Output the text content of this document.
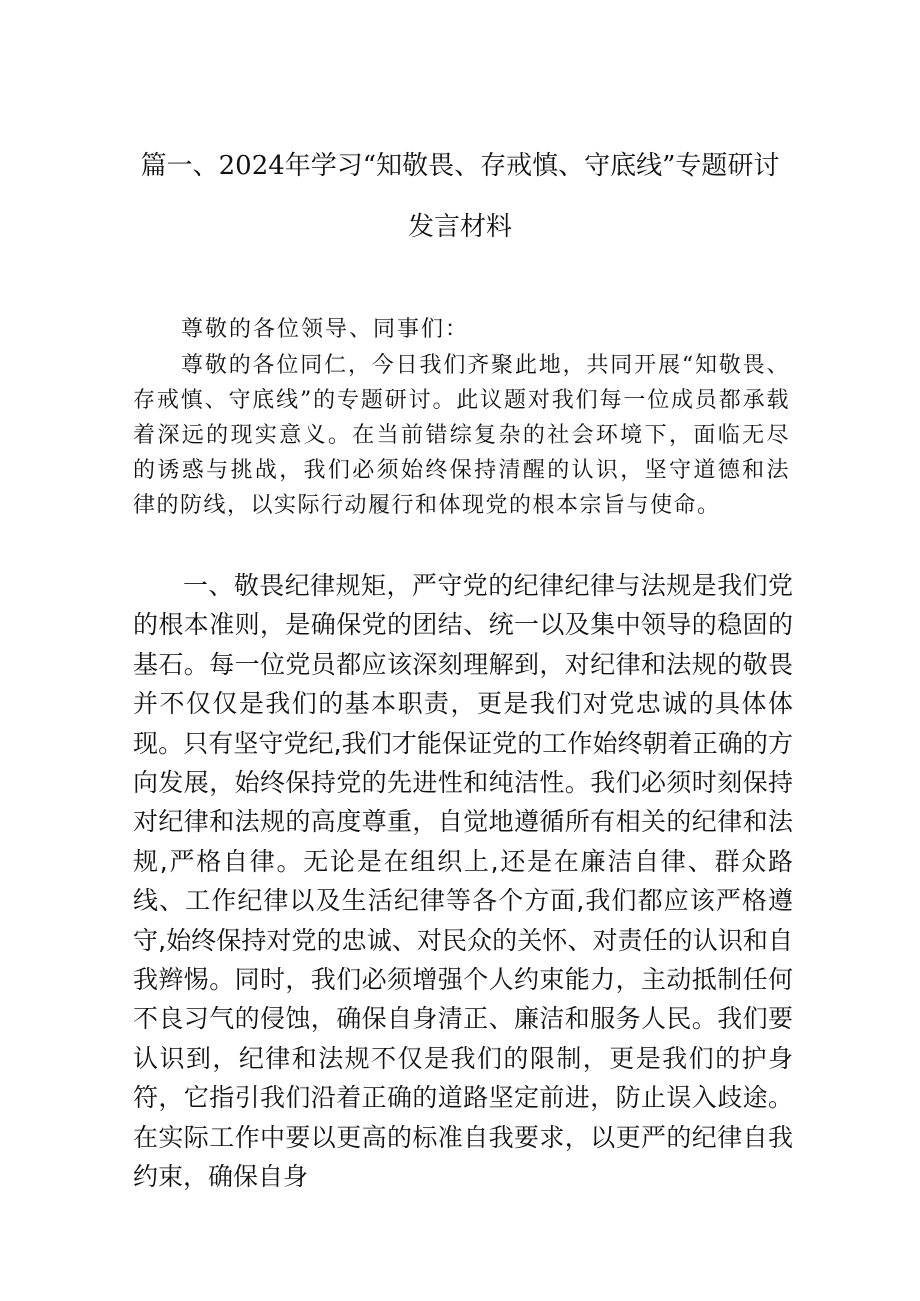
篇一、2024年学习“知敬畏、存戒慎、守底线”专题研讨
发言材料
尊敬的各位领导、同事们：

尊敬的各位同仁，今日我们齐聚此地，共同开展“知敬畏、存戒慎、守底线”的专题研讨。此议题对我们每一位成员都承载着深远的现实意义。在当前错综复杂的社会环境下，面临无尽的诱惑与挑战，我们必须始终保持清醒的认识，坚守道德和法律的防线，以实际行动履行和体现党的根本宗旨与使命。

一、敬畏纪律规矩，严守党的纪律纪律与法规是我们党的根本准则，是确保党的团结、统一以及集中领导的稳固的基石。每一位党员都应该深刻理解到，对纪律和法规的敬畏并不仅仅是我们的基本职责，更是我们对党忠诚的具体体现。只有坚守党纪,我们才能保证党的工作始终朝着正确的方向发展，始终保持党的先进性和纯洁性。我们必须时刻保持对纪律和法规的高度尊重，自觉地遵循所有相关的纪律和法规,严格自律。无论是在组织上,还是在廉洁自律、群众路线、工作纪律以及生活纪律等各个方面,我们都应该严格遵守,始终保持对党的忠诚、对民众的关怀、对责任的认识和自我辫惕。同时，我们必须增强个人约束能力，主动抵制任何不良习气的侵蚀，确保自身清正、廉洁和服务人民。我们要认识到，纪律和法规不仅是我们的限制，更是我们的护身符，它指引我们沿着正确的道路坚定前进，防止误入歧途。在实际工作中要以更高的标准自我要求，以更严的纪律自我约束，确保自身
